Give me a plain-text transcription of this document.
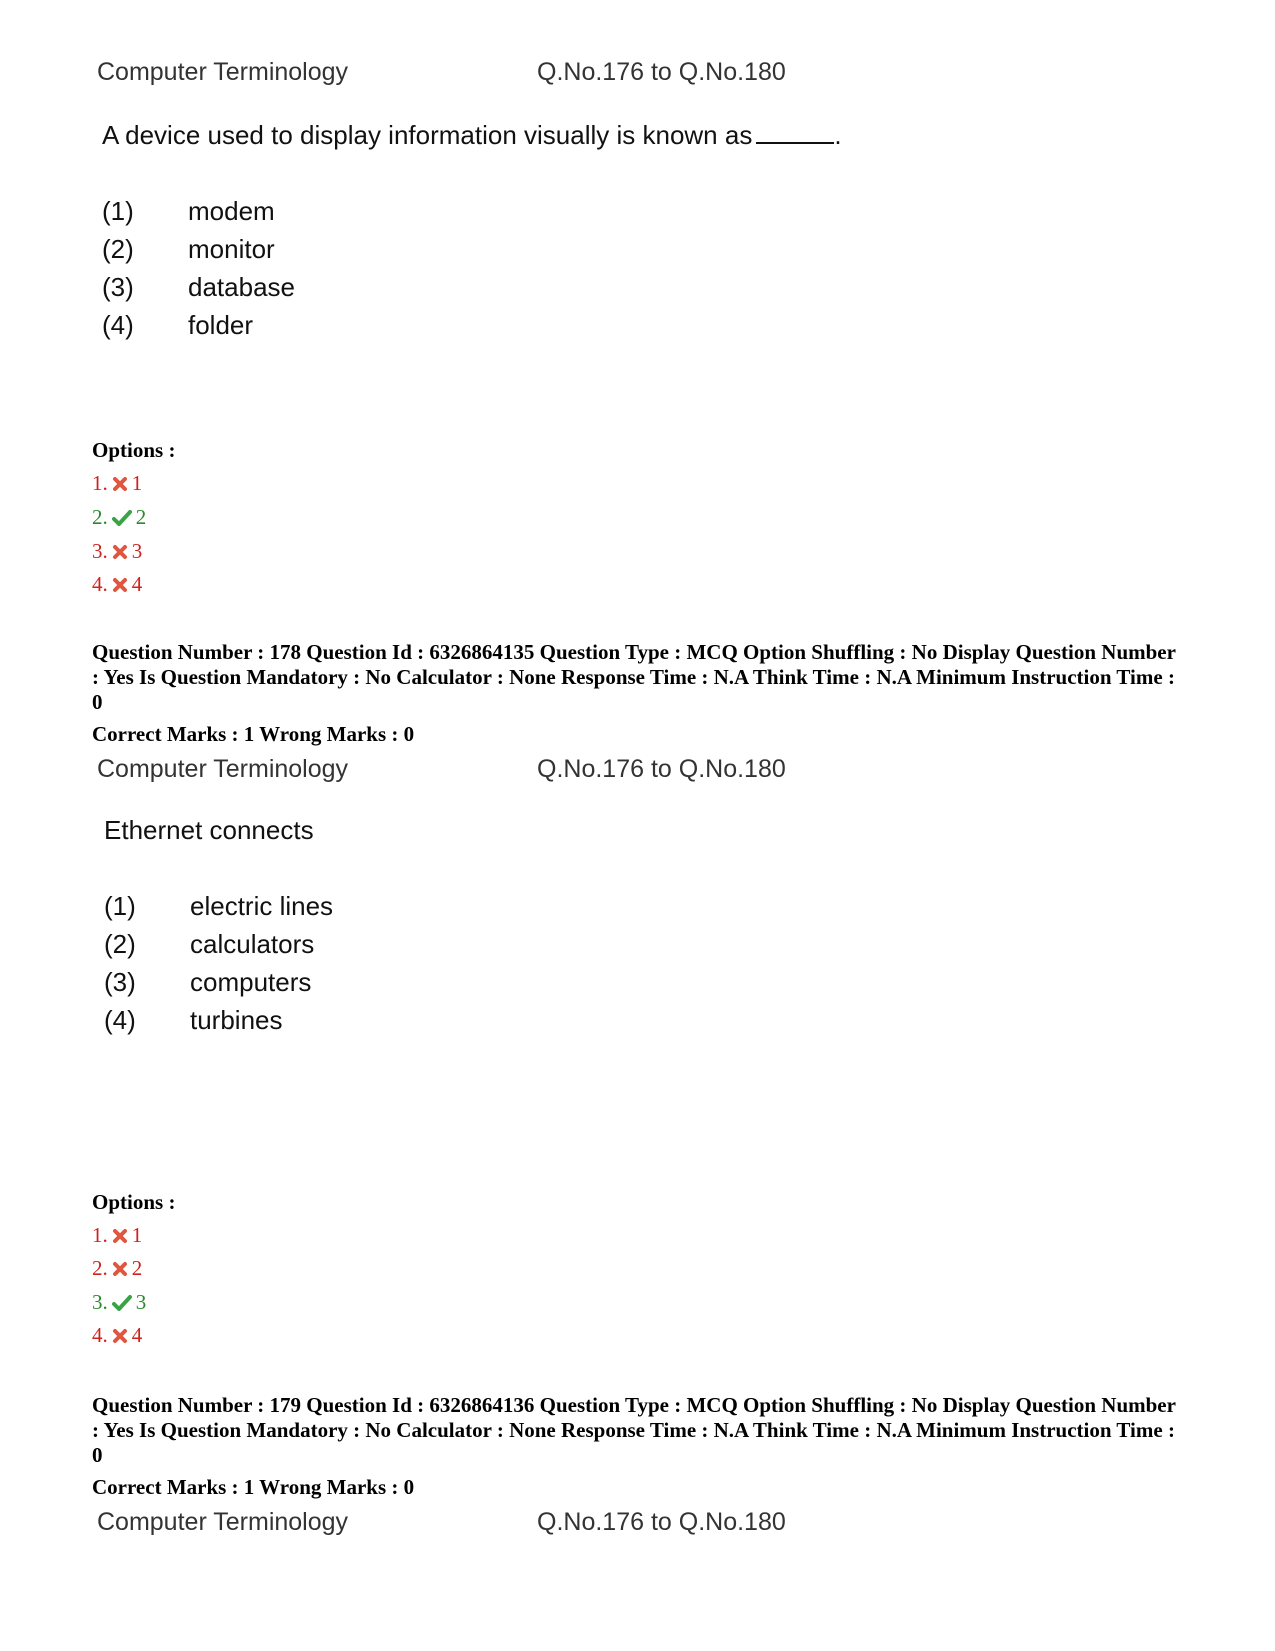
Computer Terminology	Q.No.176 to Q.No.180
A device used to display information visually is known as	.
(1) modem
(2) monitor
(3) database
(4) folder
Options :
1. 1
2. 2
3. 3
4. 4
Question Number : 178 Question Id : 6326864135 Question Type : MCQ Option Shuffling : No Display Question Number : Yes Is Question Mandatory : No Calculator : None Response Time : N.A Think Time : N.A Minimum Instruction Time : 0
Correct Marks : 1 Wrong Marks : 0
Computer Terminology	Q.No.176 to Q.No.180
Ethernet connects
(1) electric lines
(2) calculators
(3) computers
(4) turbines
Options :
1. 1
2. 2
3. 3
4. 4
Question Number : 179 Question Id : 6326864136 Question Type : MCQ Option Shuffling : No Display Question Number : Yes Is Question Mandatory : No Calculator : None Response Time : N.A Think Time : N.A Minimum Instruction Time : 0
Correct Marks : 1 Wrong Marks : 0
Computer Terminology	Q.No.176 to Q.No.180
